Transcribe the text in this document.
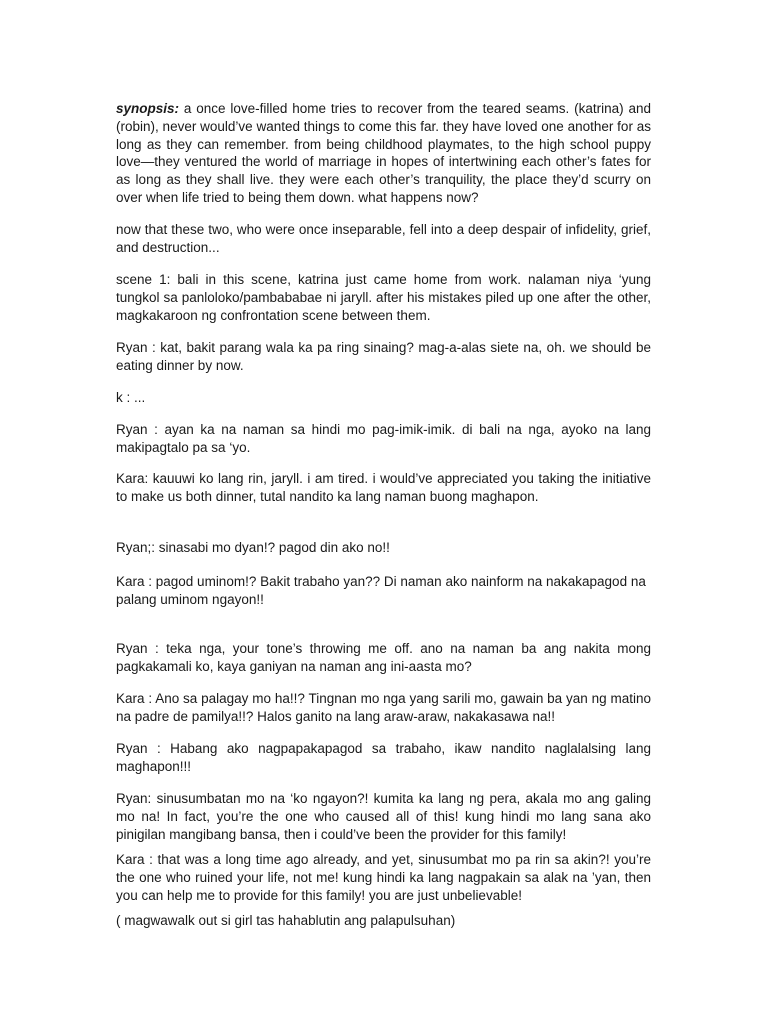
synopsis: a once love-filled home tries to recover from the teared seams. (katrina) and (robin), never would’ve wanted things to come this far. they have loved one another for as long as they can remember. from being childhood playmates, to the high school puppy love—they ventured the world of marriage in hopes of intertwining each other’s fates for as long as they shall live. they were each other’s tranquility, the place they’d scurry on over when life tried to being them down. what happens now?

now that these two, who were once inseparable, fell into a deep despair of infidelity, grief, and destruction...

scene 1: bali in this scene, katrina just came home from work. nalaman niya ‘yung tungkol sa panloloko/pambababae ni jaryll. after his mistakes piled up one after the other, magkakaroon ng confrontation scene between them.

Ryan : kat, bakit parang wala ka pa ring sinaing? mag-a-alas siete na, oh. we should be eating dinner by now.

k : ...

Ryan : ayan ka na naman sa hindi mo pag-imik-imik. di bali na nga, ayoko na lang makipagtalo pa sa ‘yo.

Kara: kauuwi ko lang rin, jaryll. i am tired. i would’ve appreciated you taking the initiative to make us both dinner, tutal nandito ka lang naman buong maghapon.

Ryan;: sinasabi mo dyan!? pagod din ako no!!

Kara : pagod uminom!? Bakit trabaho yan?? Di naman ako nainform na nakakapagod na palang uminom ngayon!!

Ryan : teka nga, your tone’s throwing me off. ano na naman ba ang nakita mong pagkakamali ko, kaya ganiyan na naman ang ini-aasta mo?

Kara : Ano sa palagay mo ha!!? Tingnan mo nga yang sarili mo, gawain ba yan ng matino na padre de pamilya!!? Halos ganito na lang araw-araw, nakakasawa na!!

Ryan : Habang ako nagpapakapagod sa trabaho, ikaw nandito naglalalsing lang maghapon!!!

Ryan: sinusumbatan mo na ‘ko ngayon?! kumita ka lang ng pera, akala mo ang galing mo na! In fact, you’re the one who caused all of this! kung hindi mo lang sana ako pinigilan mangibang bansa, then i could’ve been the provider for this family!

Kara : that was a long time ago already, and yet, sinusumbat mo pa rin sa akin?! you’re the one who ruined your life, not me! kung hindi ka lang nagpakain sa alak na ’yan, then you can help me to provide for this family! you are just unbelievable!

( magwawalk out si girl tas hahablutin ang palapulsuhan)
